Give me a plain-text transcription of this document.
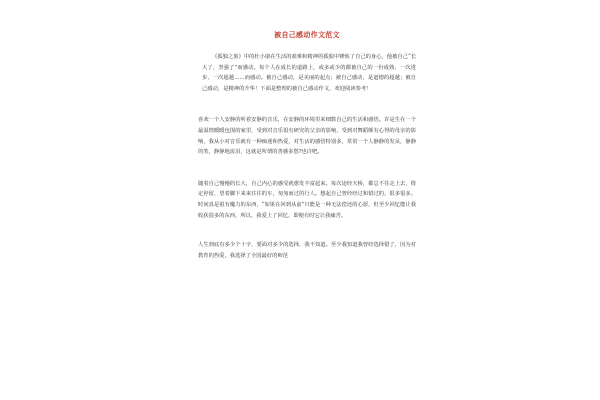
被自己感动作文范文

《孤独之旅》中的杜小康在生活的艰难和精神的孤独中锤炼了自己的身心，他被自己“长大了，坚强了”而感动。每个人在成长的道路上，或多或少的都被自己的一份成熟、一次进步、一次超越……而感动。被自己感动，是美丽的起点；被自己感动，是道德的超越；被自己感动，是精神的升华！下面是整理的被自己感动作文，欢迎阅读参考！

喜欢一个人安静的听着安静的音乐，在安静的环境里来细数自己的生活和感悟。许是生在一个最温情暖暖包围的家里，受到对音乐很有研究的父亲的影响，受到对舞蹈颇有心得的母亲的影响，我从小对音乐就有一种痴迷和热爱，对生活的感悟特别多，常常一个人静静的发呆，静静的笑，静静地流泪，这就是所谓的善感多愁?也许吧。

随着自己慢慢的长大，自己内心的感受就愈发丰富起来。每次途经天桥，都总不住走上去，倚定停留，望着脚下来来往往的车，匆匆而过的行人。想起自己曾经经过和错过的，很多很多。时间真是很有魔力的东西，“如果在回到从前”只能是一种无法偿还的心愿，但至少回忆能让我收获很多的东西，所以，我爱上了回忆，即便有时它让我痛苦。

人生到底有多少个十字，要面对多少的选择，我不知道。至少我知道我曾经选择错了，因为对教育的热爱，我选择了全国最好的师范
